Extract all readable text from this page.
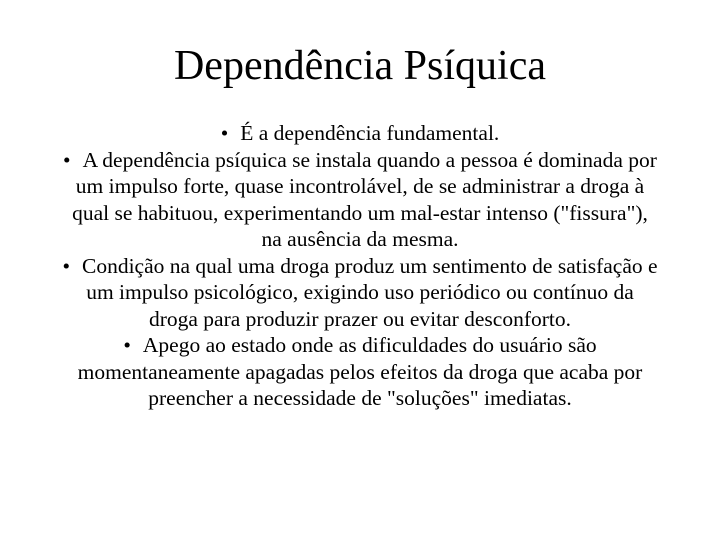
Dependência Psíquica
• É a dependência fundamental.
• A dependência psíquica se instala quando a pessoa é dominada por um impulso forte, quase incontrolável, de se administrar a droga à qual se habituou, experimentando um mal-estar intenso ("fissura"), na ausência da mesma.
• Condição na qual uma droga produz um sentimento de satisfação e um impulso psicológico, exigindo uso periódico ou contínuo da droga para produzir prazer ou evitar desconforto.
• Apego ao estado onde as dificuldades do usuário são momentaneamente apagadas pelos efeitos da droga que acaba por preencher a necessidade de "soluções" imediatas.
